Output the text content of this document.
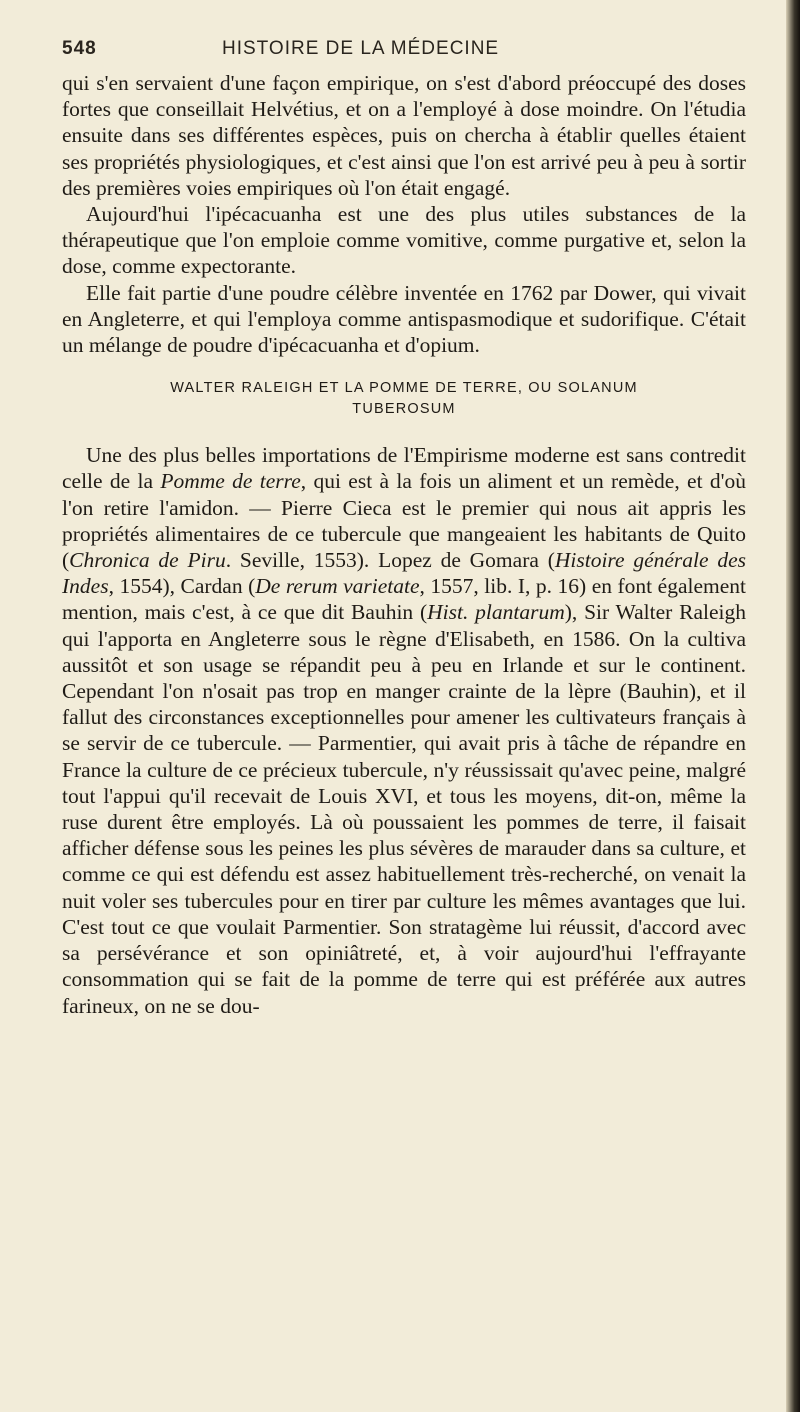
548	HISTOIRE DE LA MÉDECINE

qui s'en servaient d'une façon empirique, on s'est d'abord préoccupé des doses fortes que conseillait Helvétius, et on a l'employé à dose moindre. On l'étudia ensuite dans ses différentes espèces, puis on chercha à établir quelles étaient ses propriétés physiologiques, et c'est ainsi que l'on est arrivé peu à peu à sortir des premières voies empiriques où l'on était engagé.

Aujourd'hui l'ipécacuanha est une des plus utiles substances de la thérapeutique que l'on emploie comme vomitive, comme purgative et, selon la dose, comme expectorante.

Elle fait partie d'une poudre célèbre inventée en 1762 par Dower, qui vivait en Angleterre, et qui l'employa comme antispasmodique et sudorifique. C'était un mélange de poudre d'ipécacuanha et d'opium.

WALTER RALEIGH ET LA POMME DE TERRE, OU SOLANUM
TUBEROSUM

Une des plus belles importations de l'Empirisme moderne est sans contredit celle de la Pomme de terre, qui est à la fois un aliment et un remède, et d'où l'on retire l'amidon. — Pierre Cieca est le premier qui nous ait appris les propriétés alimentaires de ce tubercule que mangeaient les habitants de Quito (Chronica de Piru. Seville, 1553). Lopez de Gomara (Histoire générale des Indes, 1554), Cardan (De rerum varietate, 1557, lib. I, p. 16) en font également mention, mais c'est, à ce que dit Bauhin (Hist. plantarum), Sir Walter Raleigh qui l'apporta en Angleterre sous le règne d'Elisabeth, en 1586. On la cultiva aussitôt et son usage se répandit peu à peu en Irlande et sur le continent. Cependant l'on n'osait pas trop en manger crainte de la lèpre (Bauhin), et il fallut des circonstances exceptionnelles pour amener les cultivateurs français à se servir de ce tubercule. — Parmentier, qui avait pris à tâche de répandre en France la culture de ce précieux tubercule, n'y réussissait qu'avec peine, malgré tout l'appui qu'il recevait de Louis XVI, et tous les moyens, dit-on, même la ruse durent être employés. Là où poussaient les pommes de terre, il faisait afficher défense sous les peines les plus sévères de marauder dans sa culture, et comme ce qui est défendu est assez habituellement très-recherché, on venait la nuit voler ses tubercules pour en tirer par culture les mêmes avantages que lui. C'est tout ce que voulait Parmentier. Son stratagème lui réussit, d'accord avec sa persévérance et son opiniâtreté, et, à voir aujourd'hui l'effrayante consommation qui se fait de la pomme de terre qui est préférée aux autres farineux, on ne se dou-
